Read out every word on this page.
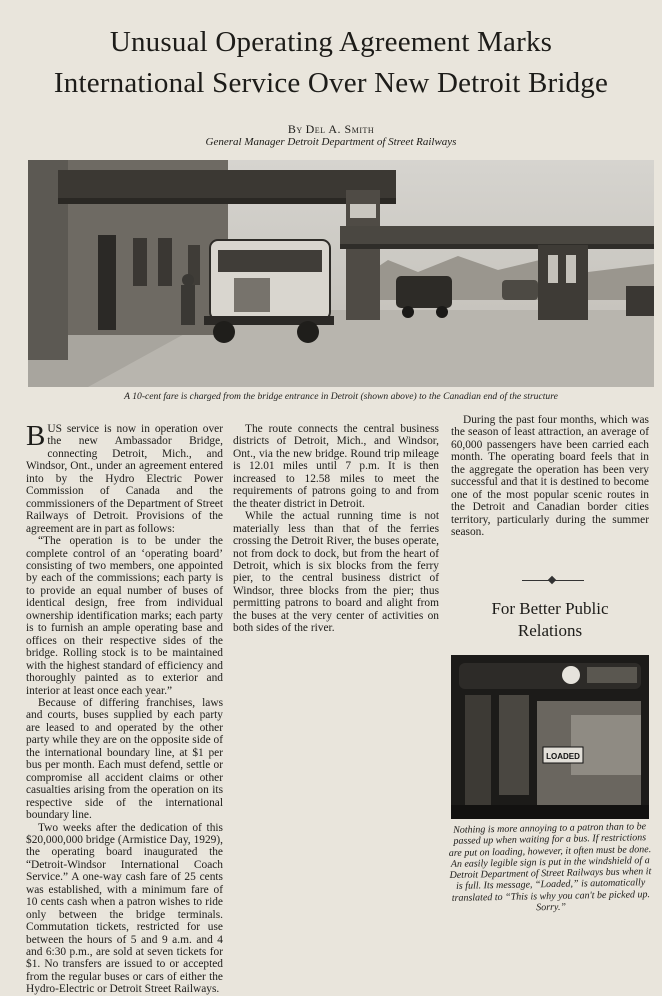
Unusual Operating Agreement Marks
International Service Over New Detroit Bridge
By Del A. Smith
General Manager Detroit Department of Street Railways
A 10-cent fare is charged from the bridge entrance in Detroit (shown above) to the Canadian end of the structure

BUS service is now in operation over the new Ambassador Bridge, connecting Detroit, Mich., and Windsor, Ont., under an agreement entered into by the Hydro Electric Power Commission of Canada and the commissioners of the Department of Street Railways of Detroit. Provisions of the agreement are in part as follows:

“The operation is to be under the complete control of an ‘operating board’ consisting of two members, one appointed by each of the commissions; each party is to provide an equal number of buses of identical design, free from individual ownership identification marks; each party is to furnish an ample operating base and offices on their respective sides of the bridge. Rolling stock is to be maintained with the highest standard of efficiency and thoroughly painted as to exterior and interior at least once each year.”

Because of differing franchises, laws and courts, buses supplied by each party are leased to and operated by the other party while they are on the opposite side of the international boundary line, at $1 per bus per month. Each must defend, settle or compromise all accident claims or other casualties arising from the operation on its respective side of the international boundary line.

Two weeks after the dedication of this $20,000,000 bridge (Armistice Day, 1929), the operating board inaugurated the “Detroit-Windsor International Coach Service.” A one-way cash fare of 25 cents was established, with a minimum fare of 10 cents cash when a patron wishes to ride only between the bridge terminals. Commutation tickets, restricted for use between the hours of 5 and 9 a.m. and 4 and 6:30 p.m., are sold at seven tickets for $1. No transfers are issued to or accepted from the regular buses or cars of either the Hydro-Electric or Detroit Street Railways.

The route connects the central business districts of Detroit, Mich., and Windsor, Ont., via the new bridge. Round trip mileage is 12.01 miles until 7 p.m. It is then increased to 12.58 miles to meet the requirements of patrons going to and from the theater district in Detroit.

While the actual running time is not materially less than that of the ferries crossing the Detroit River, the buses operate, not from dock to dock, but from the heart of Detroit, which is six blocks from the ferry pier, to the central business district of Windsor, three blocks from the pier; thus permitting patrons to board and alight from the buses at the very center of activities on both sides of the river.

During the past four months, which was the season of least attraction, an average of 60,000 passengers have been carried each month. The operating board feels that in the aggregate the operation has been very successful and that it is destined to become one of the most popular scenic routes in the Detroit and Canadian border cities territory, particularly during the summer season.

For Better Public
Relations
LOADED

Nothing is more annoying to a patron than to be passed up when waiting for a bus. If restrictions are put on loading, however, it often must be done. An easily legible sign is put in the windshield of a Detroit Department of Street Railways bus when it is full. Its message, “Loaded,” is automatically translated to “This is why you can't be picked up. Sorry.”
